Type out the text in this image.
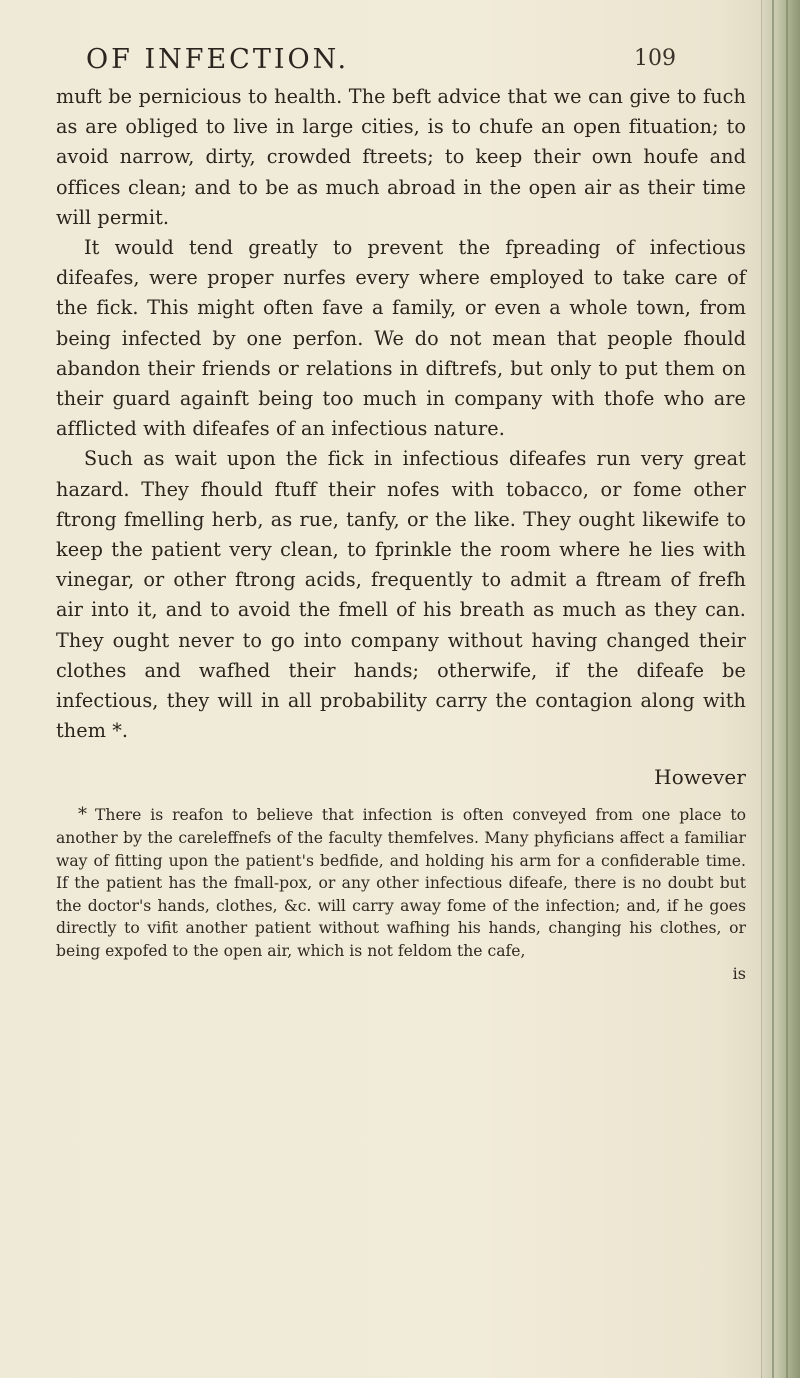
OF INFECTION.	109

muft be pernicious to health. The beft advice that we can give to fuch as are obliged to live in large cities, is to chufe an open fituation; to avoid narrow, dirty, crowded ftreets; to keep their own houfe and offices clean; and to be as much abroad in the open air as their time will permit.

It would tend greatly to prevent the fpreading of infectious difeafes, were proper nurfes every where employed to take care of the fick. This might often fave a family, or even a whole town, from being infected by one perfon. We do not mean that people fhould abandon their friends or relations in diftrefs, but only to put them on their guard againft being too much in company with thofe who are afflicted with difeafes of an infectious nature.

Such as wait upon the fick in infectious difeafes run very great hazard. They fhould ftuff their nofes with tobacco, or fome other ftrong fmelling herb, as rue, tanfy, or the like. They ought likewife to keep the patient very clean, to fprinkle the room where he lies with vinegar, or other ftrong acids, frequently to admit a ftream of frefh air into it, and to avoid the fmell of his breath as much as they can. They ought never to go into company without having changed their clothes and wafhed their hands; otherwife, if the difeafe be infectious, they will in all probability carry the contagion along with them *.

However
* There is reafon to believe that infection is often conveyed from one place to another by the careleffnefs of the faculty themfelves. Many phyficians affect a familiar way of fitting upon the patient's bedfide, and holding his arm for a confiderable time. If the patient has the fmall-pox, or any other infectious difeafe, there is no doubt but the doctor's hands, clothes, &c. will carry away fome of the infection; and, if he goes directly to vifit another patient without wafhing his hands, changing his clothes, or being expofed to the open air, which is not feldom the cafe,
is
